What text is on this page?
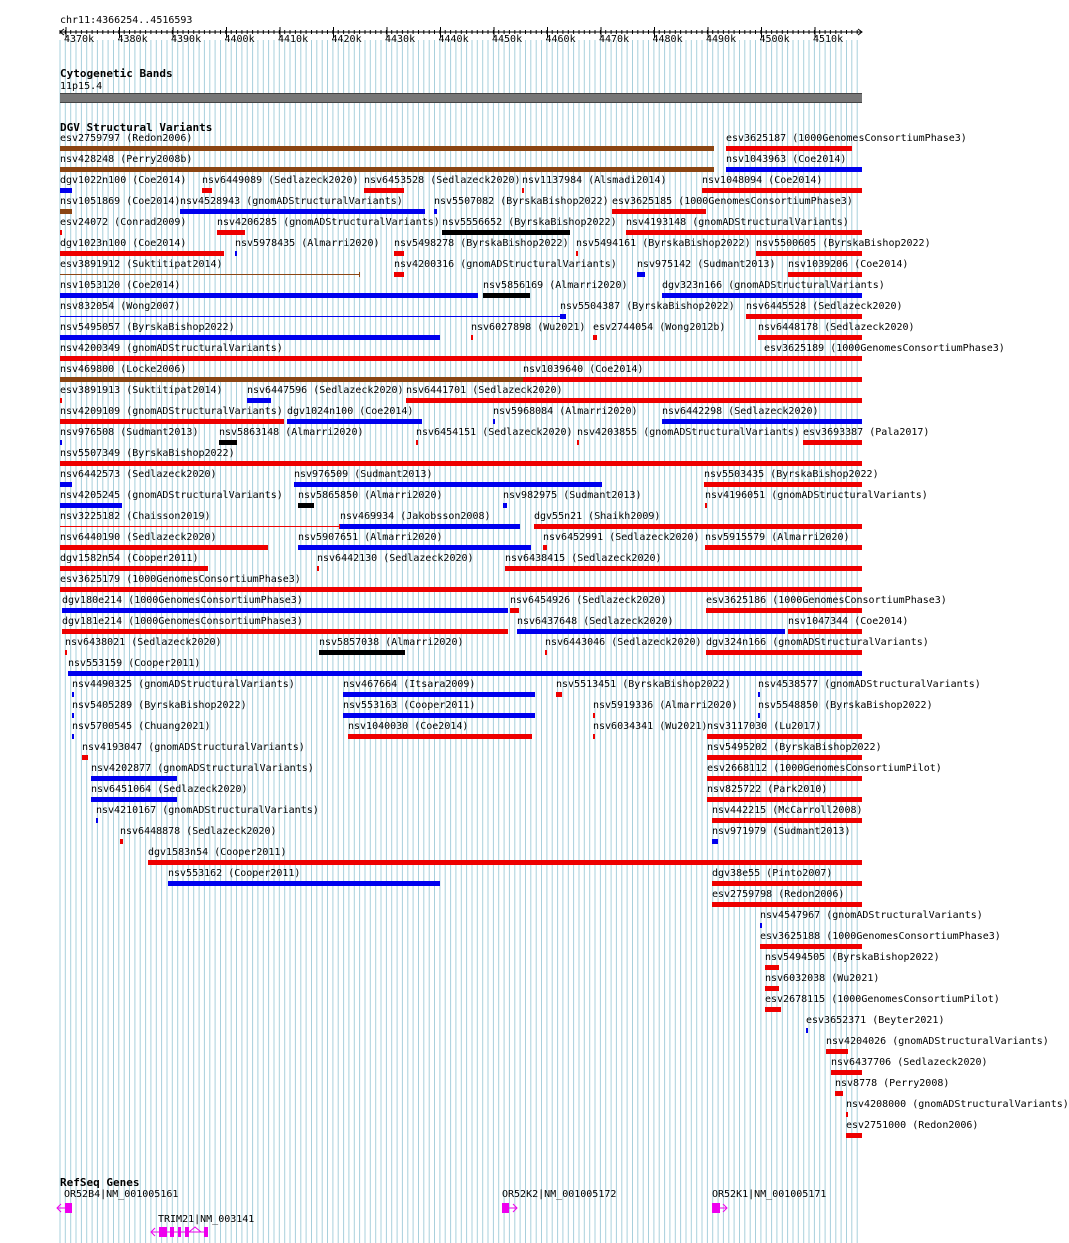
chr11:4366254..4516593
4370k 4380k 4390k 4400k 4410k 4420k 4430k 4440k 4450k 4460k 4470k 4480k 4490k 4500k 4510k
Cytogenetic Bands
11p15.4
DGV Structural Variants
esv2759797 (Redon2006)	esv3625187 (1000GenomesConsortiumPhase3)
nsv428248 (Perry2008b)	nsv1043963 (Coe2014)
dgv1022n100 (Coe2014) nsv6449089 (Sedlazeck2020) nsv6453528 (Sedlazeck2020) nsv1137984 (Alsmadi2014)	nsv1048094 (Coe2014)
nsv1051869 (Coe2014) nsv4528943 (gnomADStructuralVariants)	nsv5507082 (ByrskaBishop2022) esv3625185 (1000GenomesConsortiumPhase3)
esv24072 (Conrad2009)	nsv4206285 (gnomADStructuralVariants) nsv5556652 (ByrskaBishop2022) nsv4193148 (gnomADStructuralVariants)
dgv1023n100 (Coe2014)	nsv5978435 (Almarri2020) nsv5498278 (ByrskaBishop2022) nsv5494161 (ByrskaBishop2022) nsv5500605 (ByrskaBishop2022)
esv3891912 (Suktitipat2014)	nsv4200316 (gnomADStructuralVariants) nsv975142 (Sudmant2013) nsv1039206 (Coe2014)
nsv1053120 (Coe2014)	nsv5856169 (Almarri2020)	dgv323n166 (gnomADStructuralVariants)
nsv832054 (Wong2007)	nsv5504387 (ByrskaBishop2022) nsv6445528 (Sedlazeck2020)
nsv5495057 (ByrskaBishop2022)	nsv6027898 (Wu2021) esv2744054 (Wong2012b)	nsv6448178 (Sedlazeck2020)
nsv4200349 (gnomADStructuralVariants)	esv3625189 (1000GenomesConsortiumPhase3)
nsv469800 (Locke2006)	nsv1039640 (Coe2014)
esv3891913 (Suktitipat2014) nsv6447596 (Sedlazeck2020) nsv6441701 (Sedlazeck2020)
nsv4209109 (gnomADStructuralVariants) dgv1024n100 (Coe2014)	nsv5968084 (Almarri2020) nsv6442298 (Sedlazeck2020)
nsv976508 (Sudmant2013) nsv5863148 (Almarri2020)	nsv6454151 (Sedlazeck2020) nsv4203855 (gnomADStructuralVariants) esv3693387 (Pala2017)
nsv5507349 (ByrskaBishop2022)
nsv6442573 (Sedlazeck2020)	nsv976509 (Sudmant2013)	nsv5503435 (ByrskaBishop2022)
nsv4205245 (gnomADStructuralVariants) nsv5865850 (Almarri2020)	nsv982975 (Sudmant2013)	nsv4196051 (gnomADStructuralVariants)
nsv3225182 (Chaisson2019)	nsv469934 (Jakobsson2008)	dgv55n21 (Shaikh2009)
nsv6440190 (Sedlazeck2020)	nsv5907651 (Almarri2020)	nsv6452991 (Sedlazeck2020) nsv5915579 (Almarri2020)
dgv1582n54 (Cooper2011)	nsv6442130 (Sedlazeck2020)	nsv6438415 (Sedlazeck2020)
esv3625179 (1000GenomesConsortiumPhase3)
dgv180e214 (1000GenomesConsortiumPhase3)	nsv6454926 (Sedlazeck2020)	esv3625186 (1000GenomesConsortiumPhase3)
dgv181e214 (1000GenomesConsortiumPhase3)	nsv6437648 (Sedlazeck2020)	nsv1047344 (Coe2014)
nsv6438021 (Sedlazeck2020)	nsv5857038 (Almarri2020)	nsv6443046 (Sedlazeck2020) dgv324n166 (gnomADStructuralVariants)
nsv553159 (Cooper2011)
nsv4490325 (gnomADStructuralVariants)	nsv467664 (Itsara2009)	nsv5513451 (ByrskaBishop2022)	nsv4538577 (gnomADStructuralVariants)
nsv5405289 (ByrskaBishop2022)	nsv553163 (Cooper2011)	nsv5919336 (Almarri2020) nsv5548850 (ByrskaBishop2022)
nsv5700545 (Chuang2021)	nsv1040030 (Coe2014)	nsv6034341 (Wu2021) nsv3117030 (Lu2017)
nsv4193047 (gnomADStructuralVariants)	nsv5495202 (ByrskaBishop2022)
nsv4202877 (gnomADStructuralVariants)	esv2668112 (1000GenomesConsortiumPilot)
nsv6451064 (Sedlazeck2020)	nsv825722 (Park2010)
nsv4210167 (gnomADStructuralVariants)	nsv442215 (McCarroll2008)
nsv6448878 (Sedlazeck2020)	nsv971979 (Sudmant2013)
dgv1583n54 (Cooper2011)
nsv553162 (Cooper2011)	dgv38e55 (Pinto2007)
esv2759798 (Redon2006)
nsv4547967 (gnomADStructuralVariants)
esv3625188 (1000GenomesConsortiumPhase3)
nsv5494505 (ByrskaBishop2022)
nsv6032038 (Wu2021)
esv2678115 (1000GenomesConsortiumPilot)
esv3652371 (Beyter2021)
nsv4204026 (gnomADStructuralVariants)
nsv6437706 (Sedlazeck2020)
nsv8778 (Perry2008)
nsv4208000 (gnomADStructuralVariants)
esv2751000 (Redon2006)
RefSeq Genes
OR52B4|NM_001005161
TRIM21|NM_003141
OR52K2|NM_001005172	OR52K1|NM_001005171
